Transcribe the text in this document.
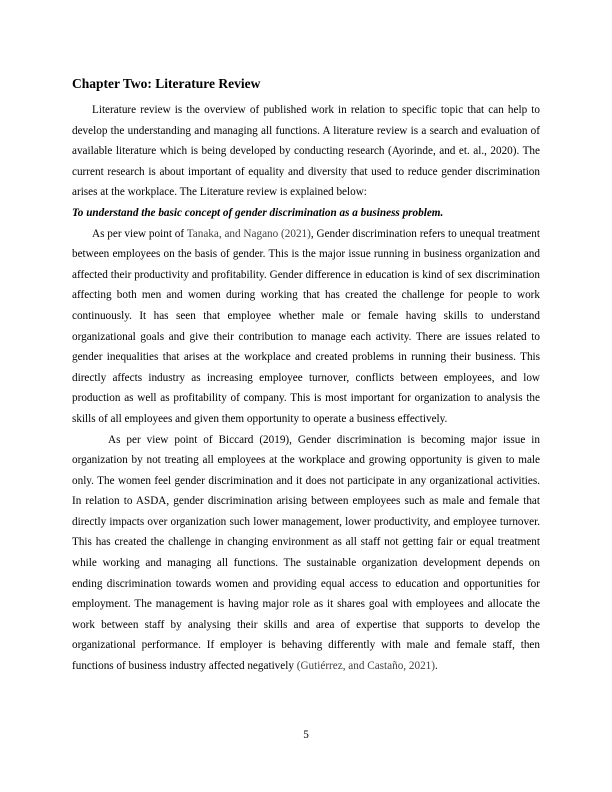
Chapter Two: Literature Review

Literature review is the overview of published work in relation to specific topic that can help to develop the understanding and managing all functions. A literature review is a search and evaluation of available literature which is being developed by conducting research (Ayorinde, and et. al., 2020). The current research is about important of equality and diversity that used to reduce gender discrimination arises at the workplace. The Literature review is explained below:

To understand the basic concept of gender discrimination as a business problem.

As per view point of Tanaka, and Nagano (2021), Gender discrimination refers to unequal treatment between employees on the basis of gender. This is the major issue running in business organization and affected their productivity and profitability. Gender difference in education is kind of sex discrimination affecting both men and women during working that has created the challenge for people to work continuously. It has seen that employee whether male or female having skills to understand organizational goals and give their contribution to manage each activity. There are issues related to gender inequalities that arises at the workplace and created problems in running their business. This directly affects industry as increasing employee turnover, conflicts between employees, and low production as well as profitability of company. This is most important for organization to analysis the skills of all employees and given them opportunity to operate a business effectively.

As per view point of Biccard (2019), Gender discrimination is becoming major issue in organization by not treating all employees at the workplace and growing opportunity is given to male only. The women feel gender discrimination and it does not participate in any organizational activities. In relation to ASDA, gender discrimination arising between employees such as male and female that directly impacts over organization such lower management, lower productivity, and employee turnover. This has created the challenge in changing environment as all staff not getting fair or equal treatment while working and managing all functions. The sustainable organization development depends on ending discrimination towards women and providing equal access to education and opportunities for employment. The management is having major role as it shares goal with employees and allocate the work between staff by analysing their skills and area of expertise that supports to develop the organizational performance. If employer is behaving differently with male and female staff, then functions of business industry affected negatively (Gutiérrez, and Castaño, 2021).

5
